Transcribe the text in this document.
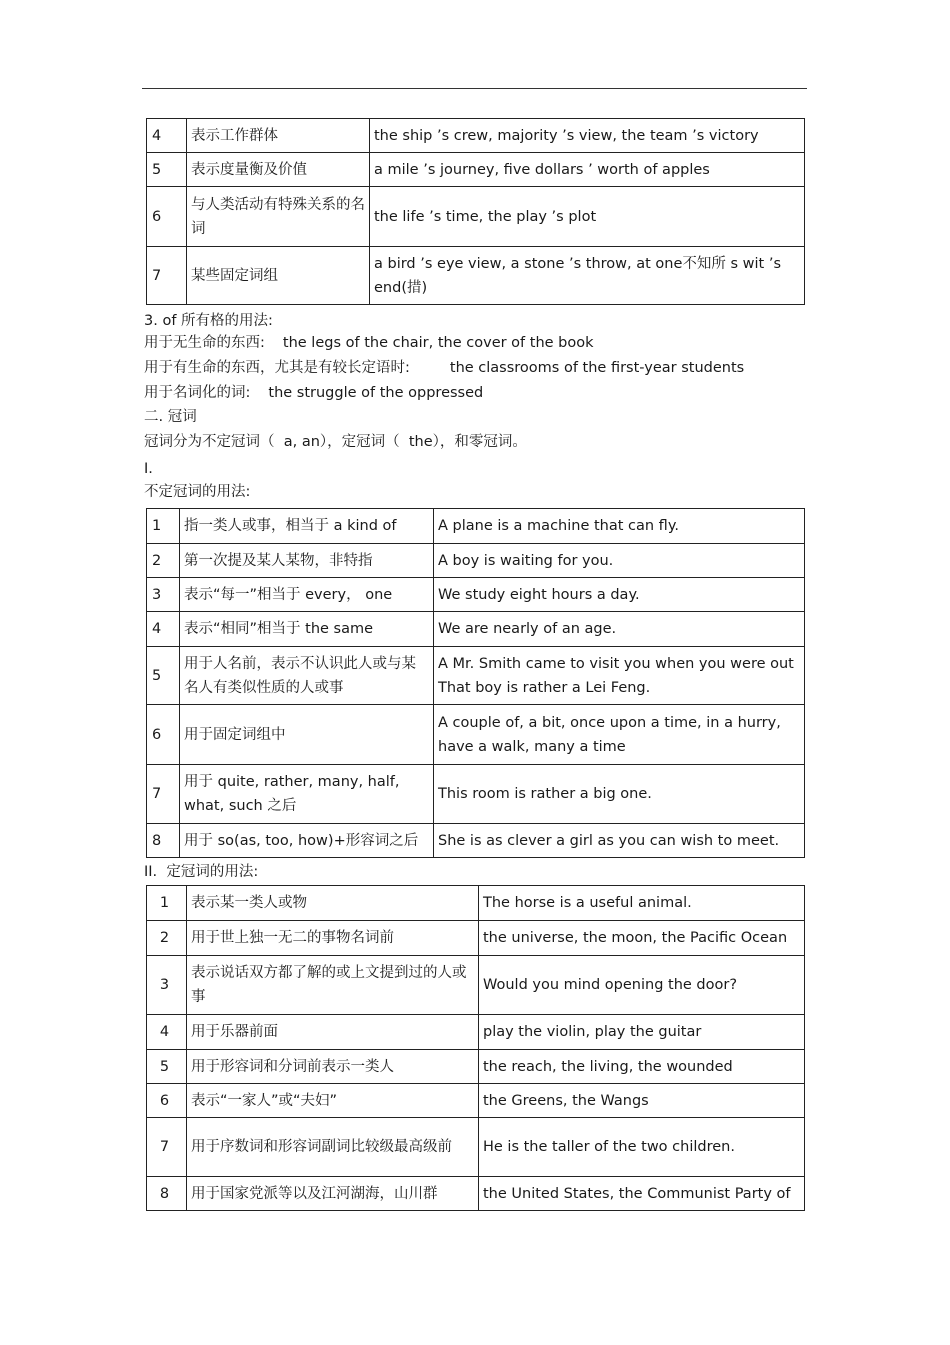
4	表示工作群体	the ship ’s crew, majority ’s view, the team ’s victory
5	表示度量衡及价值	a mile ’s journey, five dollars ’ worth of apples
6	与人类活动有特殊关系的名词	the life ’s time, the play ’s plot
7	某些固定词组	a bird ’s eye view, a stone ’s throw, at one不知所 s wit ’s end(措)
3. of 所有格的用法:
用于无生命的东西: the legs of the chair, the cover of the book
用于有生命的东西，尤其是有较长定语时:	the classrooms of the first-year students
用于名词化的词: the struggle of the oppressed
二. 冠词
冠词分为不定冠词（  a, an），定冠词（  the），和零冠词。
I.
不定冠词的用法:
1	指一类人或事，相当于 a kind of	A plane is a machine that can fly.
2	第一次提及某人某物，非特指	A boy is waiting for you.
3	表示“每一”相当于 every， one	We study eight hours a day.
4	表示“相同”相当于 the same	We are nearly of an age.
5	用于人名前，表示不认识此人或与某名人有类似性质的人或事	A Mr. Smith came to visit you when you were out That boy is rather a Lei Feng.
6	用于固定词组中	A couple of, a bit, once upon a time, in a hurry, have a walk, many a time
7	用于 quite, rather, many, half, what, such 之后	This room is rather a big one.
8	用于 so(as, too, how)+形容词之后	She is as clever a girl as you can wish to meet.
II.  定冠词的用法:
1	表示某一类人或物	The horse is a useful animal.
2	用于世上独一无二的事物名词前	the universe, the moon, the Pacific Ocean
3	表示说话双方都了解的或上文提到过的人或事	Would you mind opening the door?
4	用于乐器前面	play the violin, play the guitar
5	用于形容词和分词前表示一类人	the reach, the living, the wounded
6	表示“一家人”或“夫妇”	the Greens, the Wangs
7	用于序数词和形容词副词比较级最高级前	He is the taller of the two children.
8	用于国家党派等以及江河湖海，山川群	the United States, the Communist Party of
